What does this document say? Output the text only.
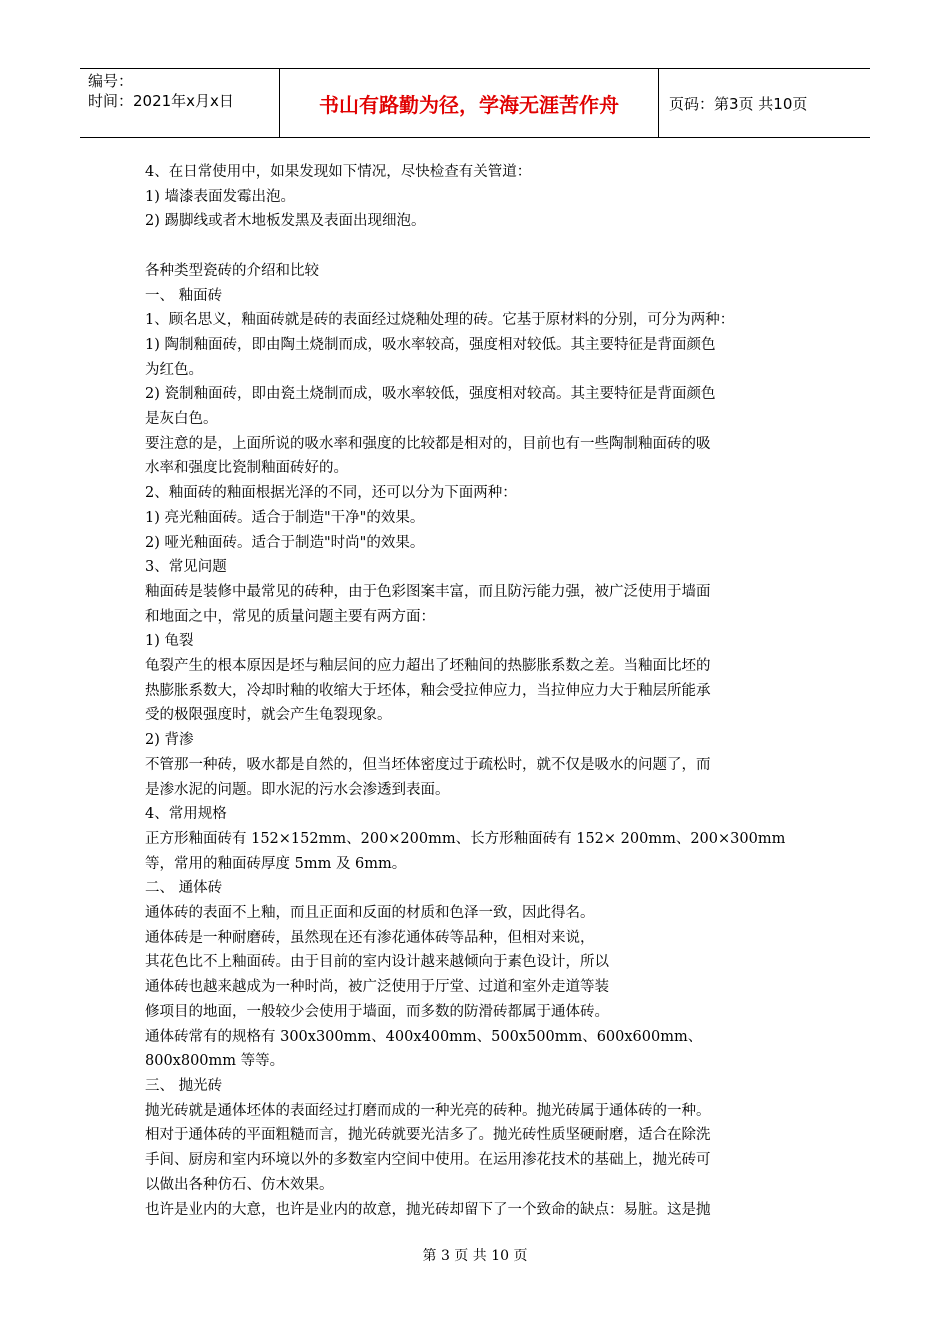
编号：
时间：2021年x月x日	书山有路勤为径，学海无涯苦作舟	页码：第3页 共10页

4、在日常使用中，如果发现如下情况，尽快检查有关管道：

1) 墙漆表面发霉出泡。

2) 踢脚线或者木地板发黑及表面出现细泡。

各种类型瓷砖的介绍和比较

一、 釉面砖

1、顾名思义，釉面砖就是砖的表面经过烧釉处理的砖。它基于原材料的分别，可分为两种：

1) 陶制釉面砖，即由陶土烧制而成，吸水率较高，强度相对较低。其主要特征是背面颜色

为红色。

2) 瓷制釉面砖，即由瓷土烧制而成，吸水率较低，强度相对较高。其主要特征是背面颜色

是灰白色。

要注意的是，上面所说的吸水率和强度的比较都是相对的，目前也有一些陶制釉面砖的吸

水率和强度比瓷制釉面砖好的。

2、釉面砖的釉面根据光泽的不同，还可以分为下面两种：

1) 亮光釉面砖。适合于制造"干净"的效果。

2) 哑光釉面砖。适合于制造"时尚"的效果。

3、常见问题

釉面砖是装修中最常见的砖种，由于色彩图案丰富，而且防污能力强，被广泛使用于墙面

和地面之中，常见的质量问题主要有两方面：

1) 龟裂

龟裂产生的根本原因是坯与釉层间的应力超出了坯釉间的热膨胀系数之差。当釉面比坯的

热膨胀系数大，冷却时釉的收缩大于坯体，釉会受拉伸应力，当拉伸应力大于釉层所能承

受的极限强度时，就会产生龟裂现象。

2) 背渗

不管那一种砖，吸水都是自然的，但当坯体密度过于疏松时，就不仅是吸水的问题了，而

是渗水泥的问题。即水泥的污水会渗透到表面。

4、常用规格

正方形釉面砖有 152×152mm、200×200mm、长方形釉面砖有 152× 200mm、200×300mm

等，常用的釉面砖厚度 5mm 及 6mm。

二、 通体砖

通体砖的表面不上釉，而且正面和反面的材质和色泽一致，因此得名。

通体砖是一种耐磨砖，虽然现在还有渗花通体砖等品种，但相对来说，

其花色比不上釉面砖。由于目前的室内设计越来越倾向于素色设计，所以

通体砖也越来越成为一种时尚，被广泛使用于厅堂、过道和室外走道等装

修项目的地面，一般较少会使用于墙面，而多数的防滑砖都属于通体砖。

通体砖常有的规格有 300x300mm、400x400mm、500x500mm、600x600mm、

800x800mm 等等。

三、 抛光砖

抛光砖就是通体坯体的表面经过打磨而成的一种光亮的砖种。抛光砖属于通体砖的一种。

相对于通体砖的平面粗糙而言，抛光砖就要光洁多了。抛光砖性质坚硬耐磨，适合在除洗

手间、厨房和室内环境以外的多数室内空间中使用。在运用渗花技术的基础上，抛光砖可

以做出各种仿石、仿木效果。

也许是业内的大意，也许是业内的故意，抛光砖却留下了一个致命的缺点：易脏。这是抛

第 3 页 共 10 页
